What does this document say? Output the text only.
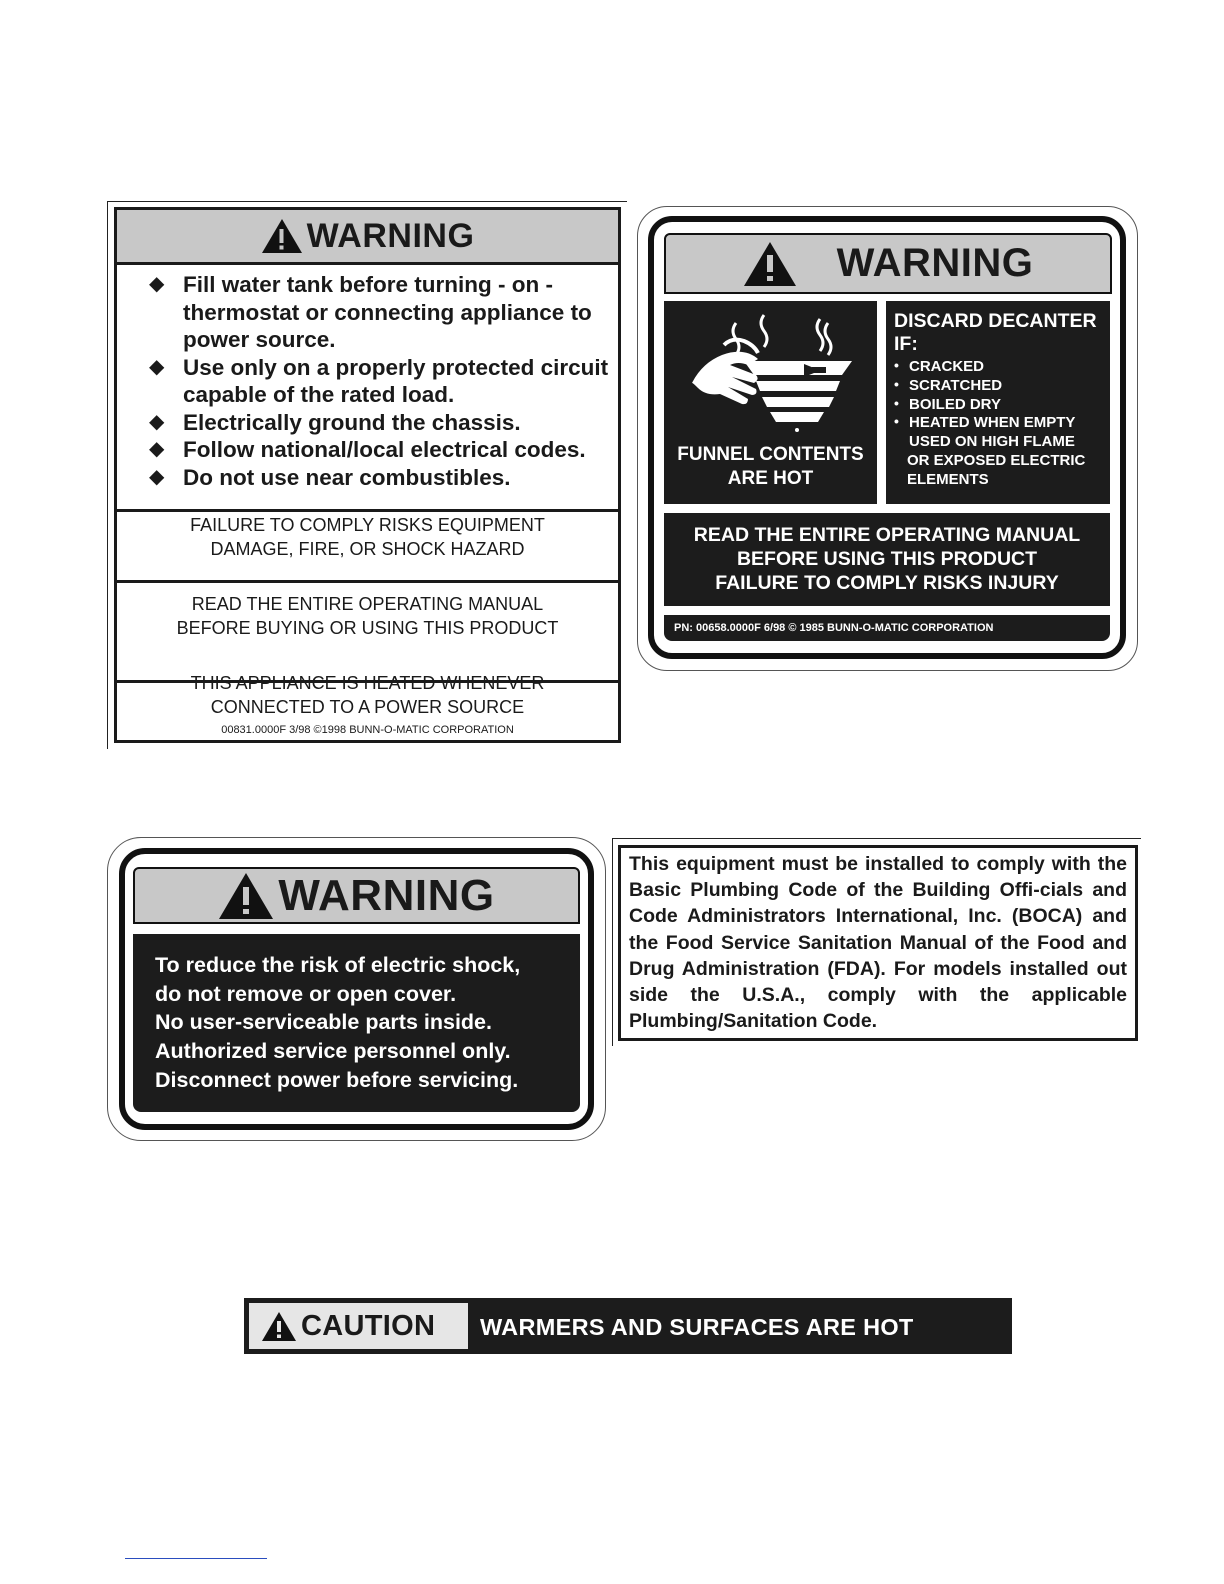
WARNING
◆ Fill water tank before turning - on - thermostat or connecting appliance to power source.
◆ Use only on a properly protected circuit capable of the rated load.
◆ Electrically ground the chassis.
◆ Follow national/local electrical codes.
◆ Do not use near combustibles.
FAILURE TO COMPLY RISKS EQUIPMENT
DAMAGE, FIRE, OR SHOCK HAZARD
READ THE ENTIRE OPERATING MANUAL
BEFORE BUYING OR USING THIS PRODUCT
THIS APPLIANCE IS HEATED WHENEVER
CONNECTED TO A POWER SOURCE
00831.0000F 3/98 ©1998 BUNN-O-MATIC CORPORATION
WARNING
FUNNEL CONTENTS
ARE HOT
DISCARD DECANTER
IF:
• CRACKED
• SCRATCHED
• BOILED DRY
• HEATED WHEN EMPTY
USED ON HIGH FLAME
OR EXPOSED ELECTRIC
ELEMENTS
READ THE ENTIRE OPERATING MANUAL
BEFORE USING THIS PRODUCT
FAILURE TO COMPLY RISKS INJURY
PN: 00658.0000F 6/98 © 1985 BUNN-O-MATIC CORPORATION
WARNING
To reduce the risk of electric shock,
do not remove or open cover.
No user-serviceable parts inside.
Authorized service personnel only.
Disconnect power before servicing.
This equipment must be installed to comply with the Basic Plumbing Code of the Building Offi-cials and Code Administrators International, Inc. (BOCA) and the Food Service Sanitation Manual of the Food and Drug Administration (FDA). For models installed out side the U.S.A., comply with the applicable Plumbing/Sanitation Code.
CAUTION WARMERS AND SURFACES ARE HOT
